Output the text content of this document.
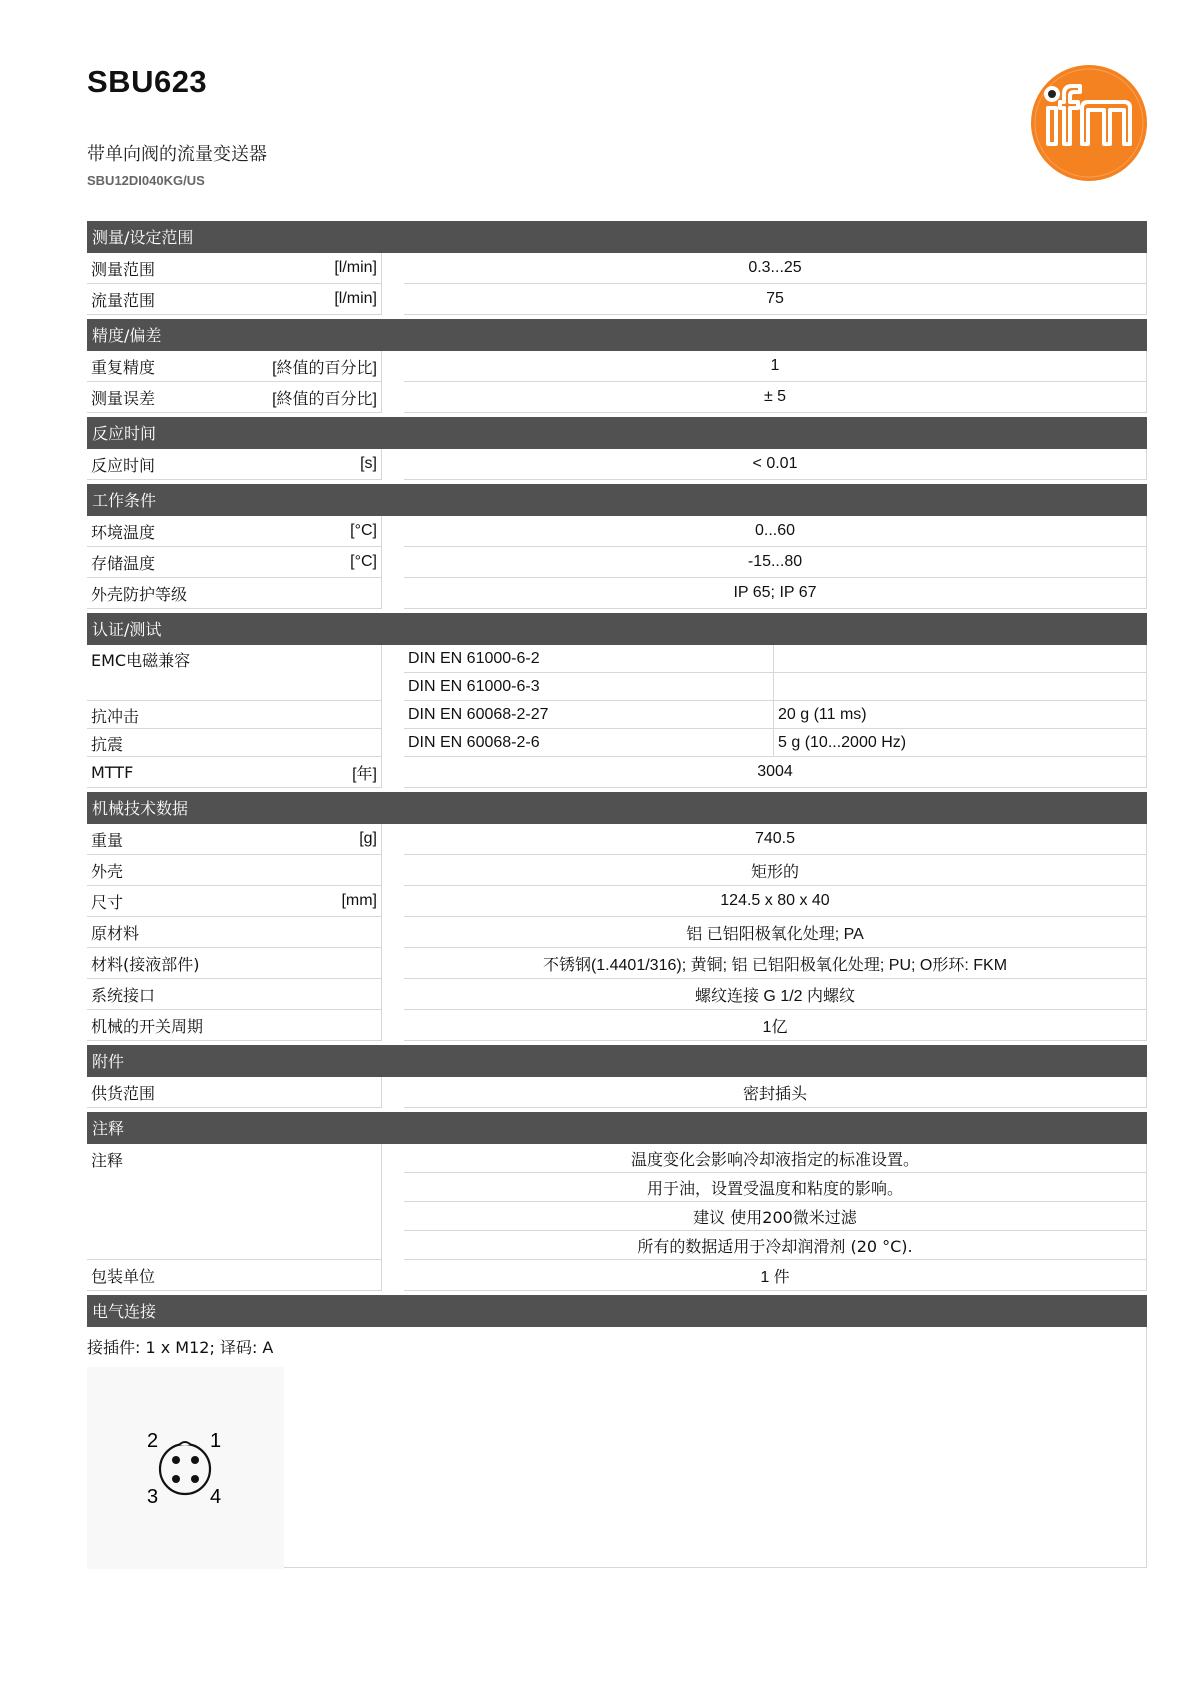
SBU623
带单向阀的流量变送器
SBU12DI040KG/US
测量/设定范围
测量范围	[l/min]	0.3...25
流量范围	[l/min]	75
精度/偏差
重复精度	[終值的百分比]	1
测量误差	[終值的百分比]	± 5
反应时间
反应时间	[s]	< 0.01
工作条件
环境温度	[°C]	0...60
存储温度	[°C]	-15...80
外壳防护等级	IP 65; IP 67
认证/测试
EMC电磁兼容	DIN EN 61000-6-2
DIN EN 61000-6-3
抗冲击	DIN EN 60068-2-27	20 g (11 ms)
抗震	DIN EN 60068-2-6	5 g (10...2000 Hz)
MTTF	[年]	3004
机械技术数据
重量	[g]	740.5
外壳	矩形的
尺寸	[mm]	124.5 x 80 x 40
原材料	铝 已铝阳极氧化处理; PA
材料(接液部件)	不锈钢(1.4401/316); 黄铜; 铝 已铝阳极氧化处理; PU; O形环: FKM
系统接口	螺纹连接 G 1/2 内螺纹
机械的开关周期	1亿
附件
供货范围	密封插头
注释
注释	温度变化会影响冷却液指定的标准设置。
用于油，设置受温度和粘度的影响。
建议 使用200微米过滤
所有的数据适用于冷却润滑剂 (20 °C).
包装单位	1 件
电气连接
接插件: 1 x M12; 译码: A
2	1
3	4
